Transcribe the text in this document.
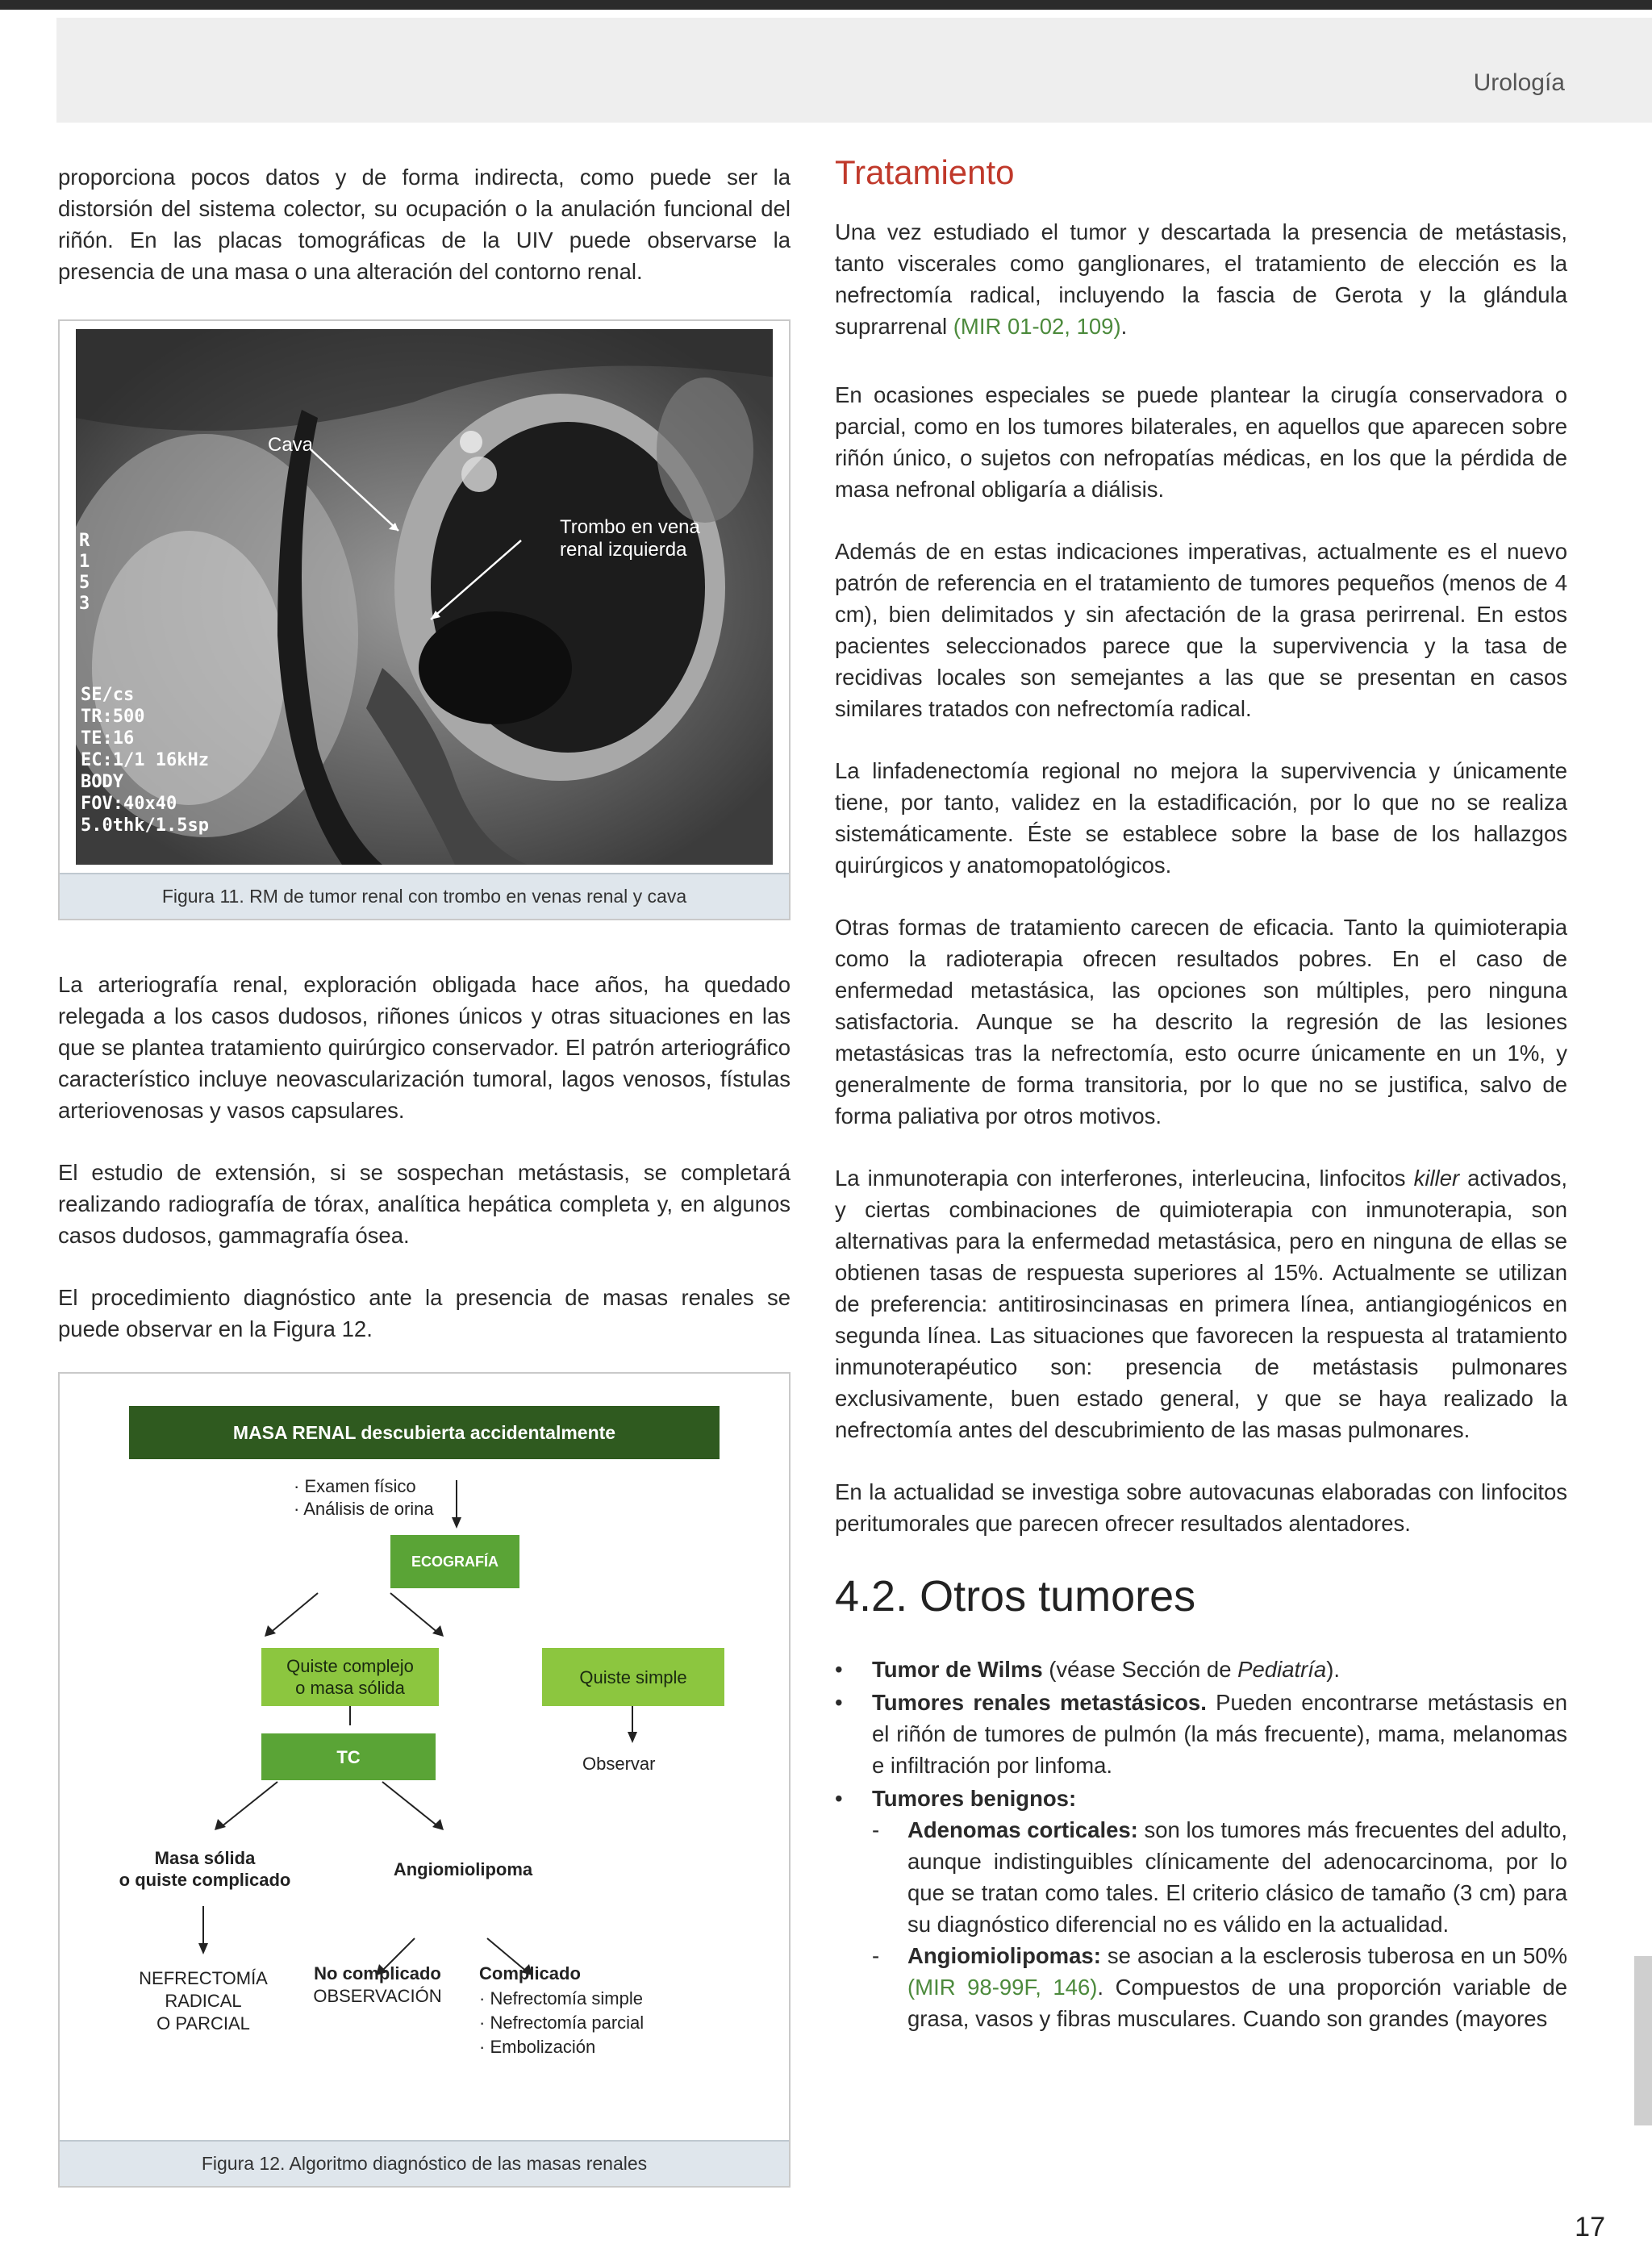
Urología

proporciona pocos datos y de forma indirecta, como puede ser la distorsión del sistema colector, su ocupación o la anulación funcional del riñón. En las placas tomográficas de la UIV puede observarse la presencia de una masa o una alteración del contorno renal.

Cava
Trombo en vena renal izquierda
R
1
5
3
SE/cs
TR:500
TE:16
EC:1/1 16kHz
BODY
FOV:40x40
5.0thk/1.5sp
Figura 11. RM de tumor renal con trombo en venas renal y cava

La arteriografía renal, exploración obligada hace años, ha quedado relegada a los casos dudosos, riñones únicos y otras situaciones en las que se plantea tratamiento quirúrgico conservador. El patrón arteriográfico característico incluye neovascularización tumoral, lagos venosos, fístulas arteriovenosas y vasos capsulares.

El estudio de extensión, si se sospechan metástasis, se completará realizando radiografía de tórax, analítica hepática completa y, en algunos casos dudosos, gammagrafía ósea.

El procedimiento diagnóstico ante la presencia de masas renales se puede observar en la Figura 12.

MASA RENAL descubierta accidentalmente
· Examen físico
· Análisis de orina
ECOGRAFÍA
Quiste complejo
o masa sólida
Quiste simple
Observar
TC
Masa sólida
o quiste complicado
Angiomiolipoma
NEFRECTOMÍA
RADICAL
O PARCIAL
No complicado
OBSERVACIÓN
Complicado
· Nefrectomía simple
· Nefrectomía parcial
· Embolización
Figura 12. Algoritmo diagnóstico de las masas renales
Tratamiento

Una vez estudiado el tumor y descartada la presencia de metástasis, tanto viscerales como ganglionares, el tratamiento de elección es la nefrectomía radical, incluyendo la fascia de Gerota y la glándula suprarrenal (MIR 01-02, 109).

En ocasiones especiales se puede plantear la cirugía conservadora o parcial, como en los tumores bilaterales, en aquellos que aparecen sobre riñón único, o sujetos con nefropatías médicas, en los que la pérdida de masa nefronal obligaría a diálisis.

Además de en estas indicaciones imperativas, actualmente es el nuevo patrón de referencia en el tratamiento de tumores pequeños (menos de 4 cm), bien delimitados y sin afectación de la grasa perirrenal. En estos pacientes seleccionados parece que la supervivencia y la tasa de recidivas locales son semejantes a las que se presentan en casos similares tratados con nefrectomía radical.

La linfadenectomía regional no mejora la supervivencia y únicamente tiene, por tanto, validez en la estadificación, por lo que no se realiza sistemáticamente. Éste se establece sobre la base de los hallazgos quirúrgicos y anatomopatológicos.

Otras formas de tratamiento carecen de eficacia. Tanto la quimioterapia como la radioterapia ofrecen resultados pobres. En el caso de enfermedad metastásica, las opciones son múltiples, pero ninguna satisfactoria. Aunque se ha descrito la regresión de las lesiones metastásicas tras la nefrectomía, esto ocurre únicamente en un 1%, y generalmente de forma transitoria, por lo que no se justifica, salvo de forma paliativa por otros motivos.

La inmunoterapia con interferones, interleucina, linfocitos killer activados, y ciertas combinaciones de quimioterapia con inmunoterapia, son alternativas para la enfermedad metastásica, pero en ninguna de ellas se obtienen tasas de respuesta superiores al 15%. Actualmente se utilizan de preferencia: antitirosincinasas en primera línea, antiangiogénicos en segunda línea. Las situaciones que favorecen la respuesta al tratamiento inmunoterapéutico son: presencia de metástasis pulmonares exclusivamente, buen estado general, y que se haya realizado la nefrectomía antes del descubrimiento de las masas pulmonares.

En la actualidad se investiga sobre autovacunas elaboradas con linfocitos peritumorales que parecen ofrecer resultados alentadores.

4.2. Otros tumores
• Tumor de Wilms (véase Sección de Pediatría).
• Tumores renales metastásicos. Pueden encontrarse metástasis en el riñón de tumores de pulmón (la más frecuente), mama, melanomas e infiltración por linfoma.
• Tumores benignos:
- Adenomas corticales: son los tumores más frecuentes del adulto, aunque indistinguibles clínicamente del adenocarcinoma, por lo que se tratan como tales. El criterio clásico de tamaño (3 cm) para su diagnóstico diferencial no es válido en la actualidad.
- Angiomiolipomas: se asocian a la esclerosis tuberosa en un 50% (MIR 98-99F, 146). Compuestos de una proporción variable de grasa, vasos y fibras musculares. Cuando son grandes (mayores
17
